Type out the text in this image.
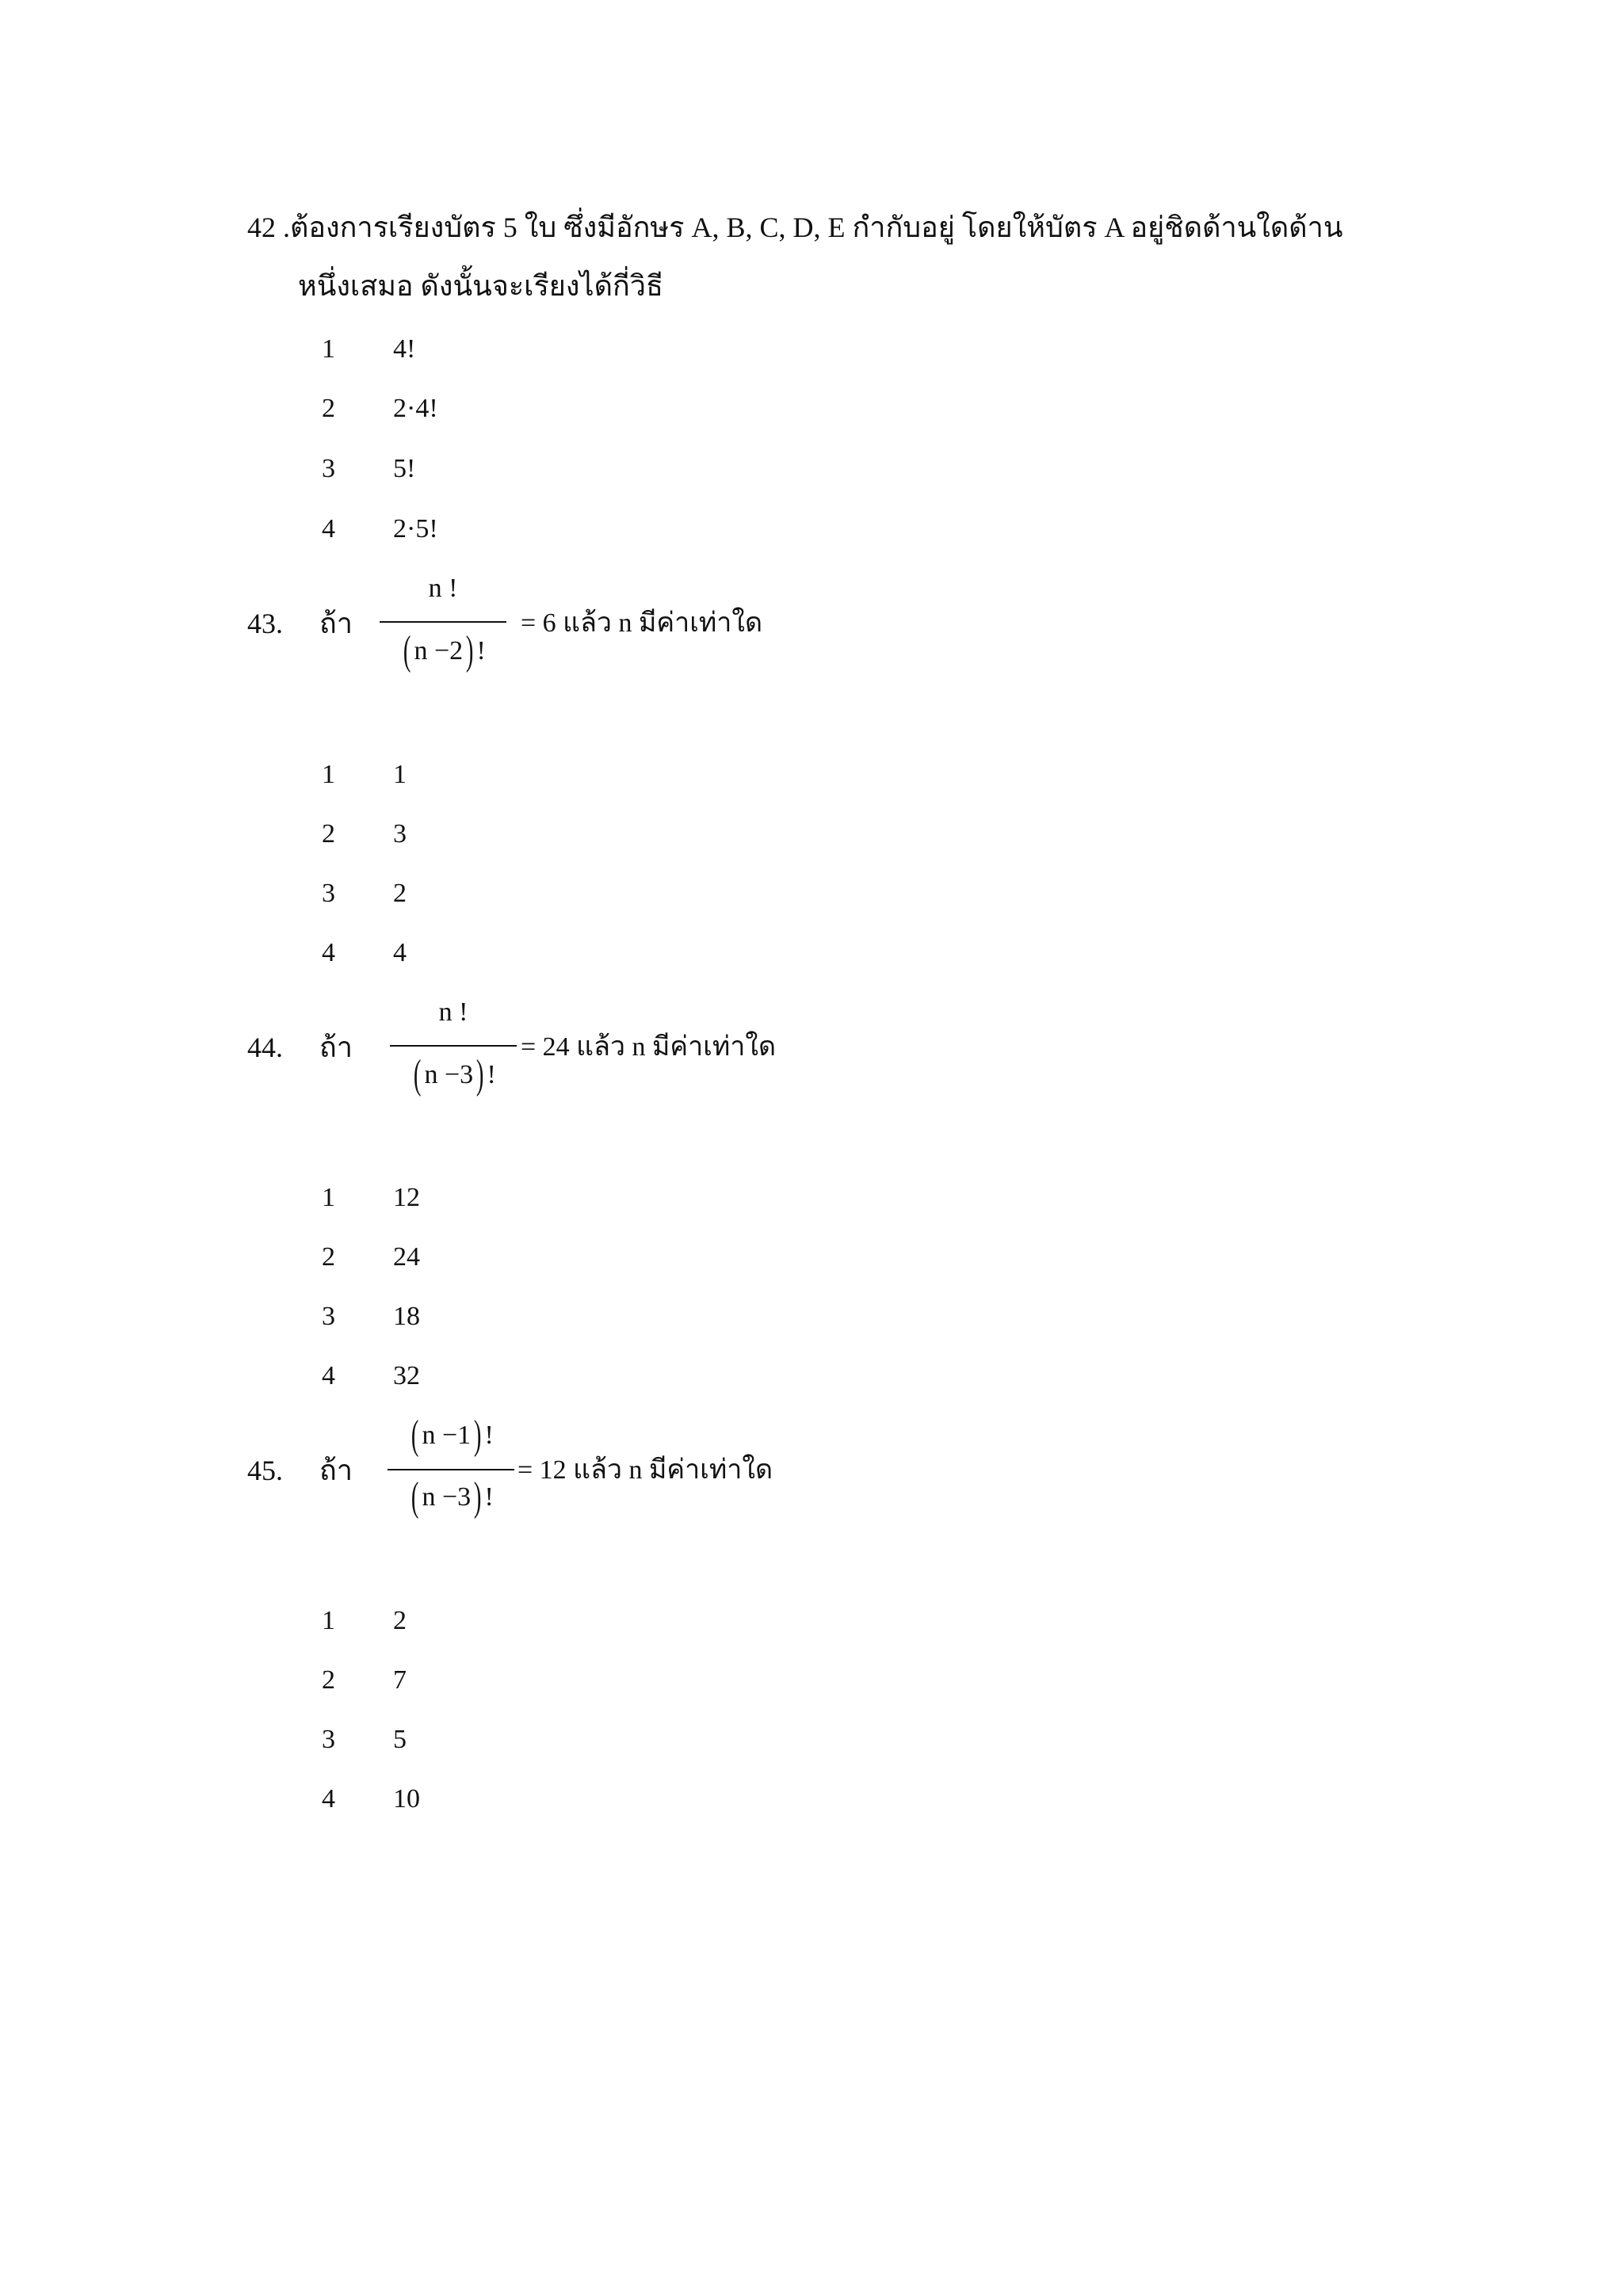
42 .ต้องการเรียงบัตร 5 ใบ ซึ่งมีอักษร A, B, C, D, E กำกับอยู่ โดยให้บัตร A อยู่ชิดด้านใดด้าน
หนึ่งเสมอ ดังนั้นจะเรียงได้กี่วิธี
1 4!
2 2·4!
3 5!
4 2·5!
43. ถ้า
n !
( n −2) !
= 6 แล้ว n มีค่าเท่าใด
1 1
2 3
3 2
4 4
44. ถ้า
n !
( n −3) !
= 24 แล้ว n มีค่าเท่าใด
1 12
2 24
3 18
4 32
45. ถ้า
( n −1) !
( n −3) !
= 12 แล้ว n มีค่าเท่าใด
1 2
2 7
3 5
4 10
